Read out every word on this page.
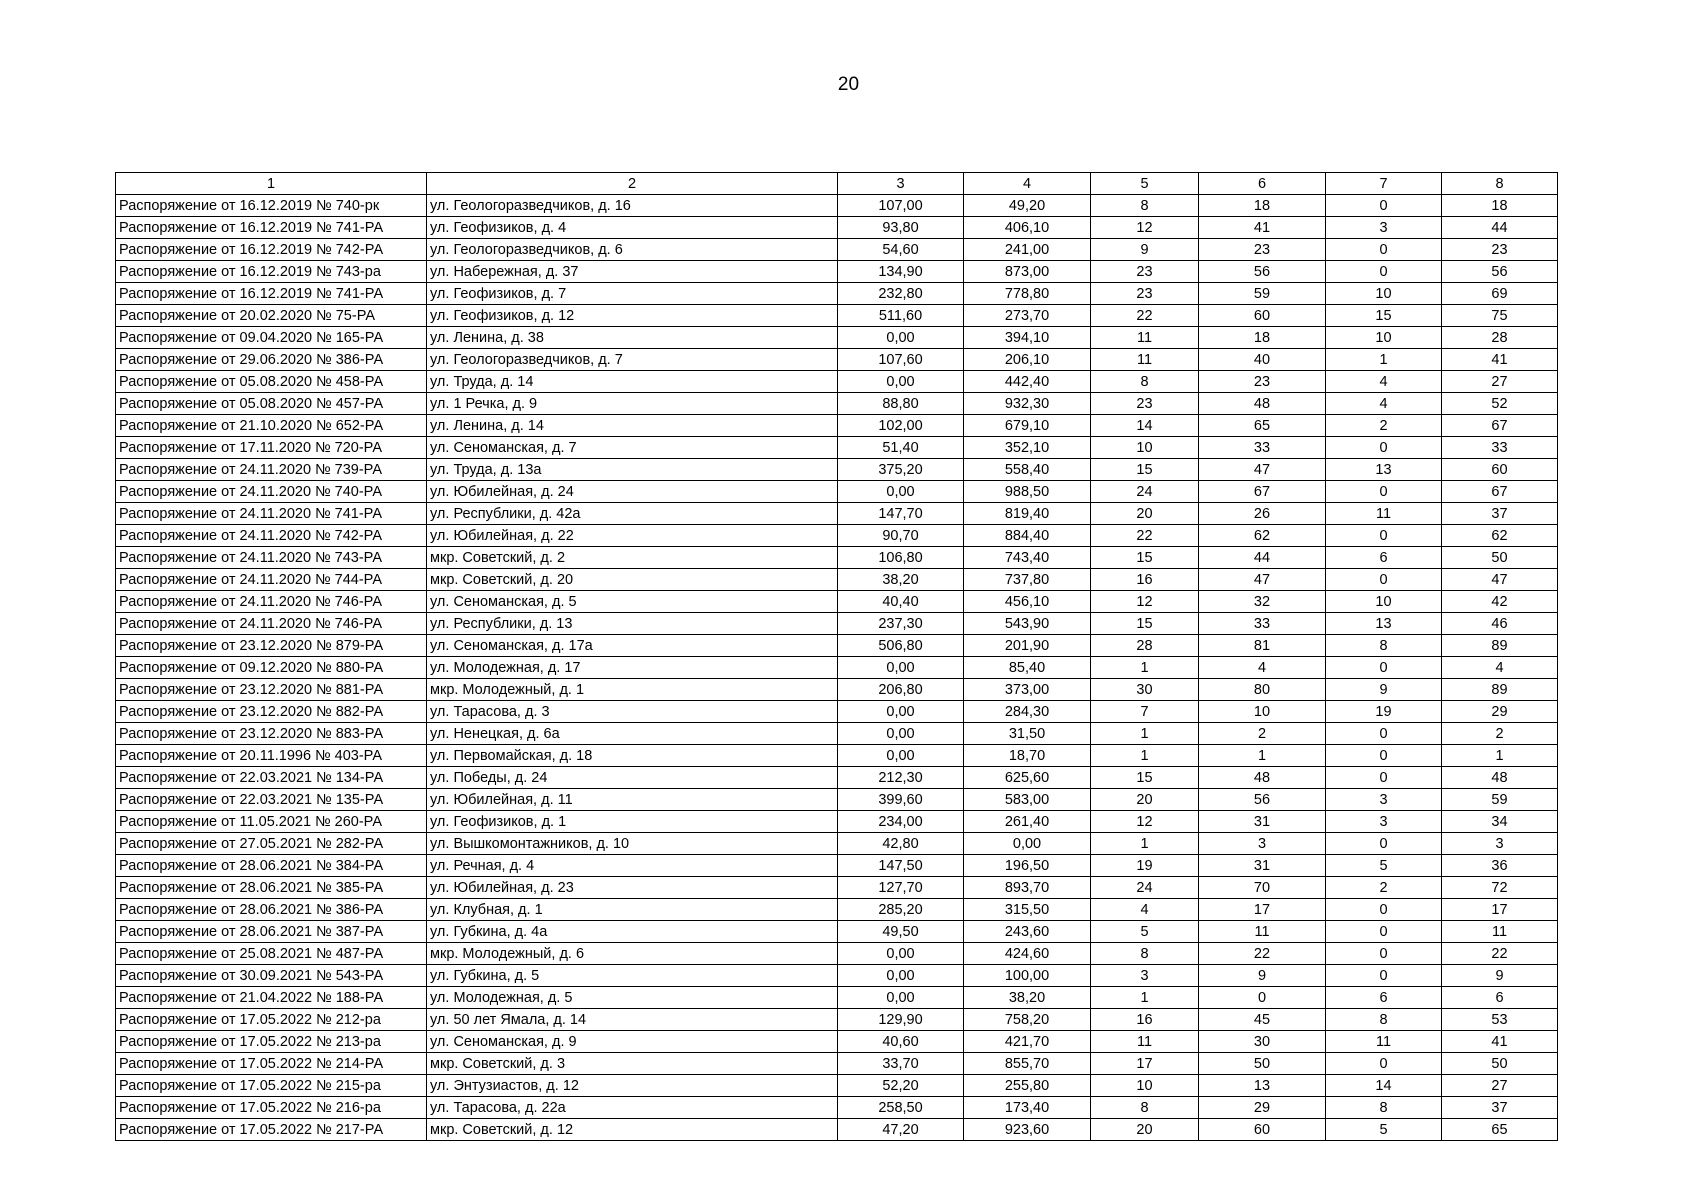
20
1	2	3	4	5	6	7	8
Распоряжение от 16.12.2019 № 740-рк	ул. Геологоразведчиков, д. 16	107,00	49,20	8	18	0	18
Распоряжение от 16.12.2019 № 741-РА	ул. Геофизиков, д. 4	93,80	406,10	12	41	3	44
Распоряжение от 16.12.2019 № 742-РА	ул. Геологоразведчиков, д. 6	54,60	241,00	9	23	0	23
Распоряжение от 16.12.2019 № 743-ра	ул. Набережная, д. 37	134,90	873,00	23	56	0	56
Распоряжение от 16.12.2019 № 741-РА	ул. Геофизиков, д. 7	232,80	778,80	23	59	10	69
Распоряжение от 20.02.2020 № 75-РА	ул. Геофизиков, д. 12	511,60	273,70	22	60	15	75
Распоряжение от 09.04.2020 № 165-РА	ул. Ленина, д. 38	0,00	394,10	11	18	10	28
Распоряжение от 29.06.2020 № 386-РА	ул. Геологоразведчиков, д. 7	107,60	206,10	11	40	1	41
Распоряжение от 05.08.2020 № 458-РА	ул. Труда, д. 14	0,00	442,40	8	23	4	27
Распоряжение от 05.08.2020 № 457-РА	ул. 1 Речка, д. 9	88,80	932,30	23	48	4	52
Распоряжение от 21.10.2020 № 652-РА	ул. Ленина, д. 14	102,00	679,10	14	65	2	67
Распоряжение от 17.11.2020 № 720-РА	ул. Сеноманская, д. 7	51,40	352,10	10	33	0	33
Распоряжение от 24.11.2020 № 739-РА	ул. Труда, д. 13а	375,20	558,40	15	47	13	60
Распоряжение от 24.11.2020 № 740-РА	ул. Юбилейная, д. 24	0,00	988,50	24	67	0	67
Распоряжение от 24.11.2020 № 741-РА	ул. Республики, д. 42а	147,70	819,40	20	26	11	37
Распоряжение от 24.11.2020 № 742-РА	ул. Юбилейная, д. 22	90,70	884,40	22	62	0	62
Распоряжение от 24.11.2020 № 743-РА	мкр. Советский, д. 2	106,80	743,40	15	44	6	50
Распоряжение от 24.11.2020 № 744-РА	мкр. Советский, д. 20	38,20	737,80	16	47	0	47
Распоряжение от 24.11.2020 № 746-РА	ул. Сеноманская, д. 5	40,40	456,10	12	32	10	42
Распоряжение от 24.11.2020 № 746-РА	ул. Республики, д. 13	237,30	543,90	15	33	13	46
Распоряжение от 23.12.2020 № 879-РА	ул. Сеноманская, д. 17а	506,80	201,90	28	81	8	89
Распоряжение от 09.12.2020 № 880-РА	ул. Молодежная, д. 17	0,00	85,40	1	4	0	4
Распоряжение от 23.12.2020 № 881-РА	мкр. Молодежный, д. 1	206,80	373,00	30	80	9	89
Распоряжение от 23.12.2020 № 882-РА	ул. Тарасова, д. 3	0,00	284,30	7	10	19	29
Распоряжение от 23.12.2020 № 883-РА	ул. Ненецкая, д. 6а	0,00	31,50	1	2	0	2
Распоряжение от 20.11.1996 № 403-РА	ул. Первомайская, д. 18	0,00	18,70	1	1	0	1
Распоряжение от 22.03.2021 № 134-РА	ул. Победы, д. 24	212,30	625,60	15	48	0	48
Распоряжение от 22.03.2021 № 135-РА	ул. Юбилейная, д. 11	399,60	583,00	20	56	3	59
Распоряжение от 11.05.2021 № 260-РА	ул. Геофизиков, д. 1	234,00	261,40	12	31	3	34
Распоряжение от 27.05.2021 № 282-РА	ул. Вышкомонтажников, д. 10	42,80	0,00	1	3	0	3
Распоряжение от 28.06.2021 № 384-РА	ул. Речная, д. 4	147,50	196,50	19	31	5	36
Распоряжение от 28.06.2021 № 385-РА	ул. Юбилейная, д. 23	127,70	893,70	24	70	2	72
Распоряжение от 28.06.2021 № 386-РА	ул. Клубная, д. 1	285,20	315,50	4	17	0	17
Распоряжение от 28.06.2021 № 387-РА	ул. Губкина, д. 4а	49,50	243,60	5	11	0	11
Распоряжение от 25.08.2021 № 487-РА	мкр. Молодежный, д. 6	0,00	424,60	8	22	0	22
Распоряжение от 30.09.2021 № 543-РА	ул. Губкина, д. 5	0,00	100,00	3	9	0	9
Распоряжение от 21.04.2022 № 188-РА	ул. Молодежная, д. 5	0,00	38,20	1	0	6	6
Распоряжение от 17.05.2022 № 212-ра	ул. 50 лет Ямала, д. 14	129,90	758,20	16	45	8	53
Распоряжение от 17.05.2022 № 213-ра	ул. Сеноманская, д. 9	40,60	421,70	11	30	11	41
Распоряжение от 17.05.2022 № 214-РА	мкр. Советский, д. 3	33,70	855,70	17	50	0	50
Распоряжение от 17.05.2022 № 215-ра	ул. Энтузиастов, д. 12	52,20	255,80	10	13	14	27
Распоряжение от 17.05.2022 № 216-ра	ул. Тарасова, д. 22а	258,50	173,40	8	29	8	37
Распоряжение от 17.05.2022 № 217-РА	мкр. Советский, д. 12	47,20	923,60	20	60	5	65
